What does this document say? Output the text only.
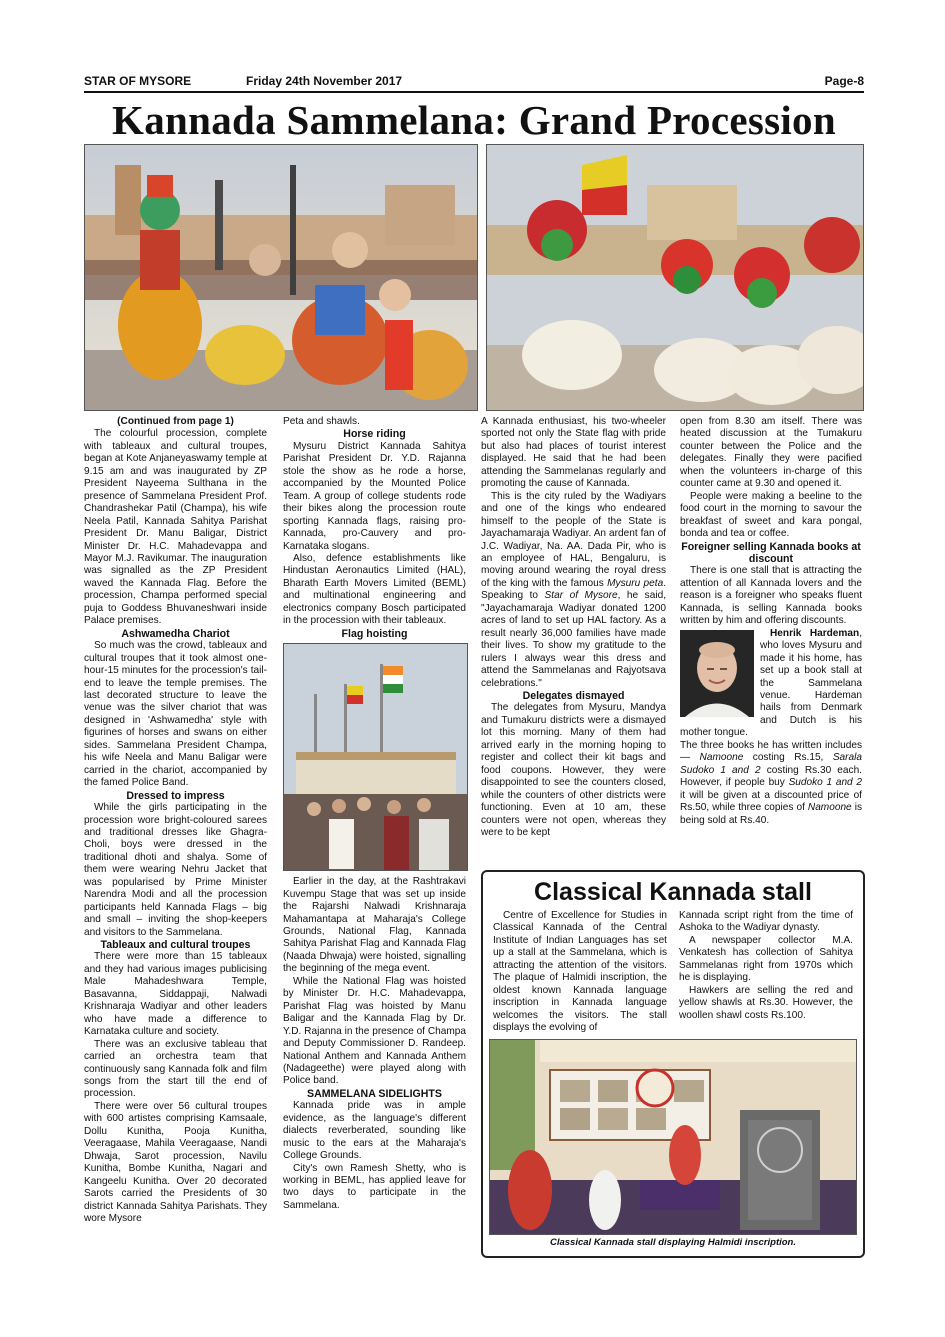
STAR OF MYSORE	Friday 24th November 2017	Page-8
Kannada Sammelana: Grand Procession

(Continued from page 1)

The colourful procession, complete with tableaux and cultural troupes, began at Kote Anjaneyaswamy temple at 9.15 am and was inaugurated by ZP President Nayeema Sulthana in the presence of Sammelana President Prof. Chandrashekar Patil (Champa), his wife Neela Patil, Kannada Sahitya Parishat President Dr. Manu Baligar, District Minister Dr. H.C. Mahadevappa and Mayor M.J. Ravikumar. The inauguration was signalled as the ZP President waved the Kannada Flag. Before the procession, Champa performed special puja to Goddess Bhuvaneshwari inside Palace premises.

Ashwamedha Chariot

So much was the crowd, tableaux and cultural troupes that it took almost one-hour-15 minutes for the procession's tail-end to leave the temple premises. The last decorated structure to leave the venue was the silver chariot that was designed in 'Ashwamedha' style with figurines of horses and swans on either sides. Sammelana President Champa, his wife Neela and Manu Baligar were carried in the chariot, accompanied by the famed Police Band.

Dressed to impress

While the girls participating in the procession wore bright-coloured sarees and traditional dresses like Ghagra-Choli, boys were dressed in the traditional dhoti and shalya. Some of them were wearing Nehru Jacket that was popularised by Prime Minister Narendra Modi and all the procession participants held Kannada Flags – big and small – inviting the shop-keepers and visitors to the Sammelana.

Tableaux and cultural troupes

There were more than 15 tableaux and they had various images publicising Male Mahadeshwara Temple, Basavanna, Siddappaji, Nalwadi Krishnaraja Wadiyar and other leaders who have made a difference to Karnataka culture and society.

There was an exclusive tableau that carried an orchestra team that continuously sang Kannada folk and film songs from the start till the end of procession.

There were over 56 cultural troupes with 600 artistes comprising Kamsaale, Dollu Kunitha, Pooja Kunitha, Veeragaase, Mahila Veeragaase, Nandi Dhwaja, Sarot procession, Navilu Kunitha, Bombe Kunitha, Nagari and Kangeelu Kunitha. Over 20 decorated Sarots carried the Presidents of 30 district Kannada Sahitya Parishats. They wore Mysore

Peta and shawls.

Horse riding

Mysuru District Kannada Sahitya Parishat President Dr. Y.D. Rajanna stole the show as he rode a horse, accompanied by the Mounted Police Team. A group of college students rode their bikes along the procession route sporting Kannada flags, raising pro-Kannada, pro-Cauvery and pro-Karnataka slogans.

Also, defence establishments like Hindustan Aeronautics Limited (HAL), Bharath Earth Movers Limited (BEML) and multinational engineering and electronics company Bosch participated in the procession with their tableaux.

Flag hoisting

Earlier in the day, at the Rashtrakavi Kuvempu Stage that was set up inside the Rajarshi Nalwadi Krishnaraja Mahamantapa at Maharaja's College Grounds, National Flag, Kannada Sahitya Parishat Flag and Kannada Flag (Naada Dhwaja) were hoisted, signalling the beginning of the mega event.

While the National Flag was hoisted by Minister Dr. H.C. Mahadevappa, Parishat Flag was hoisted by Manu Baligar and the Kannada Flag by Dr. Y.D. Rajanna in the presence of Champa and Deputy Commissioner D. Randeep. National Anthem and Kannada Anthem (Nadageethe) were played along with Police band.

SAMMELANA SIDELIGHTS

Kannada pride was in ample evidence, as the language's different dialects reverberated, sounding like music to the ears at the Maharaja's College Grounds.

City's own Ramesh Shetty, who is working in BEML, has applied leave for two days to participate in the Sammelana.

A Kannada enthusiast, his two-wheeler sported not only the State flag with pride but also had places of tourist interest displayed. He said that he had been attending the Sammelanas regularly and promoting the cause of Kannada.

This is the city ruled by the Wadiyars and one of the kings who endeared himself to the people of the State is Jayachamaraja Wadiyar. An ardent fan of J.C. Wadiyar, Na. AA. Dada Pir, who is an employee of HAL, Bengaluru, is moving around wearing the royal dress of the king with the famous Mysuru peta. Speaking to Star of Mysore, he said, "Jayachamaraja Wadiyar donated 1200 acres of land to set up HAL factory. As a result nearly 36,000 families have made their lives. To show my gratitude to the rulers I always wear this dress and attend the Sammelanas and Rajyotsava celebrations."

Delegates dismayed

The delegates from Mysuru, Mandya and Tumakuru districts were a dismayed lot this morning. Many of them had arrived early in the morning hoping to register and collect their kit bags and food coupons. However, they were disappointed to see the counters closed, while the counters of other districts were functioning. Even at 10 am, these counters were not open, whereas they were to be kept

open from 8.30 am itself. There was heated discussion at the Tumakuru counter between the Police and the delegates. Finally they were pacified when the volunteers in-charge of this counter came at 9.30 and opened it.

People were making a beeline to the food court in the morning to savour the breakfast of sweet and kara pongal, bonda and tea or coffee.

Foreigner selling Kannada books at discount

There is one stall that is attracting the attention of all Kannada lovers and the reason is a foreigner who speaks fluent Kannada, is selling Kannada books written by him and offering discounts.

Henrik Hardeman, who loves Mysuru and made it his home, has set up a book stall at the Sammelana venue. Hardeman hails from Denmark and Dutch is his mother tongue.

The three books he has written includes — Namoone costing Rs.15, Sarala Sudoko 1 and 2 costing Rs.30 each. However, if people buy Sudoko 1 and 2 it will be given at a discounted price of Rs.50, while three copies of Namoone is being sold at Rs.40.

Classical Kannada stall

Centre of Excellence for Studies in Classical Kannada of the Central Institute of Indian Languages has set up a stall at the Sammelana, which is attracting the attention of the visitors. The plaque of Halmidi inscription, the oldest known Kannada language inscription in Kannada language welcomes the visitors. The stall displays the evolving of

Kannada script right from the time of Ashoka to the Wadiyar dynasty.

A newspaper collector M.A. Venkatesh has collection of Sahitya Sammelanas right from 1970s which he is displaying.

Hawkers are selling the red and yellow shawls at Rs.30. However, the woollen shawl costs Rs.100.

Classical Kannada stall displaying Halmidi inscription.
